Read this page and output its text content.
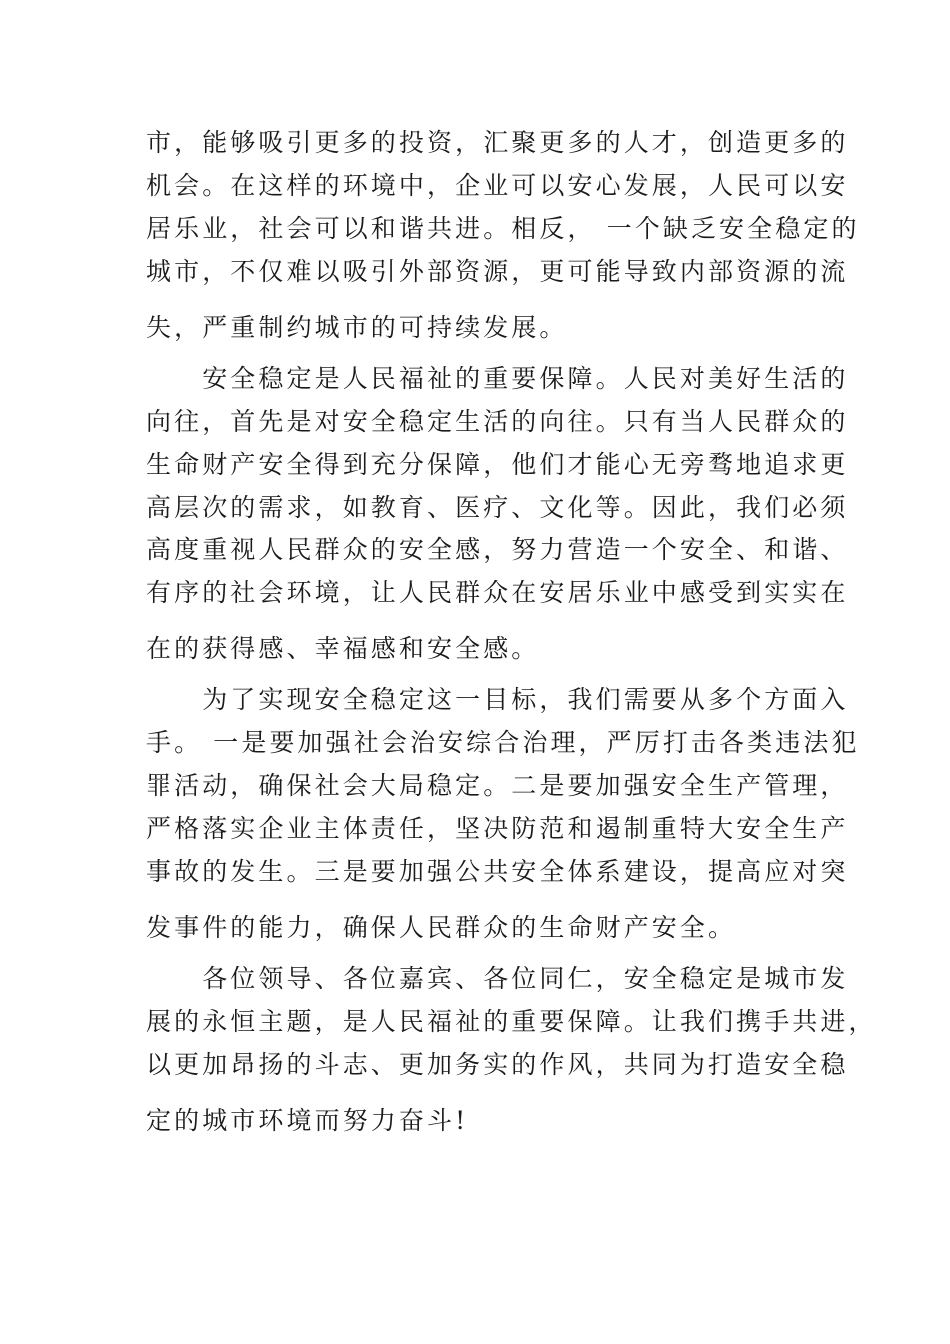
市，能够吸引更多的投资，汇聚更多的人才，创造更多的
机会。在这样的环境中，企业可以安心发展，人民可以安
居乐业，社会可以和谐共进。相反， 一个缺乏安全稳定的
城市，不仅难以吸引外部资源，更可能导致内部资源的流
失，严重制约城市的可持续发展。
　　安全稳定是人民福祉的重要保障。人民对美好生活的
向往，首先是对安全稳定生活的向往。只有当人民群众的
生命财产安全得到充分保障，他们才能心无旁骛地追求更
高层次的需求，如教育、医疗、文化等。因此，我们必须
高度重视人民群众的安全感，努力营造一个安全、和谐、
有序的社会环境，让人民群众在安居乐业中感受到实实在
在的获得感、幸福感和安全感。
　　为了实现安全稳定这一目标，我们需要从多个方面入
手。 一是要加强社会治安综合治理，严厉打击各类违法犯
罪活动，确保社会大局稳定。二是要加强安全生产管理，
严格落实企业主体责任，坚决防范和遏制重特大安全生产
事故的发生。三是要加强公共安全体系建设，提高应对突
发事件的能力，确保人民群众的生命财产安全。
　　各位领导、各位嘉宾、各位同仁，安全稳定是城市发
展的永恒主题，是人民福祉的重要保障。让我们携手共进，
以更加昂扬的斗志、更加务实的作风，共同为打造安全稳
定的城市环境而努力奋斗!
